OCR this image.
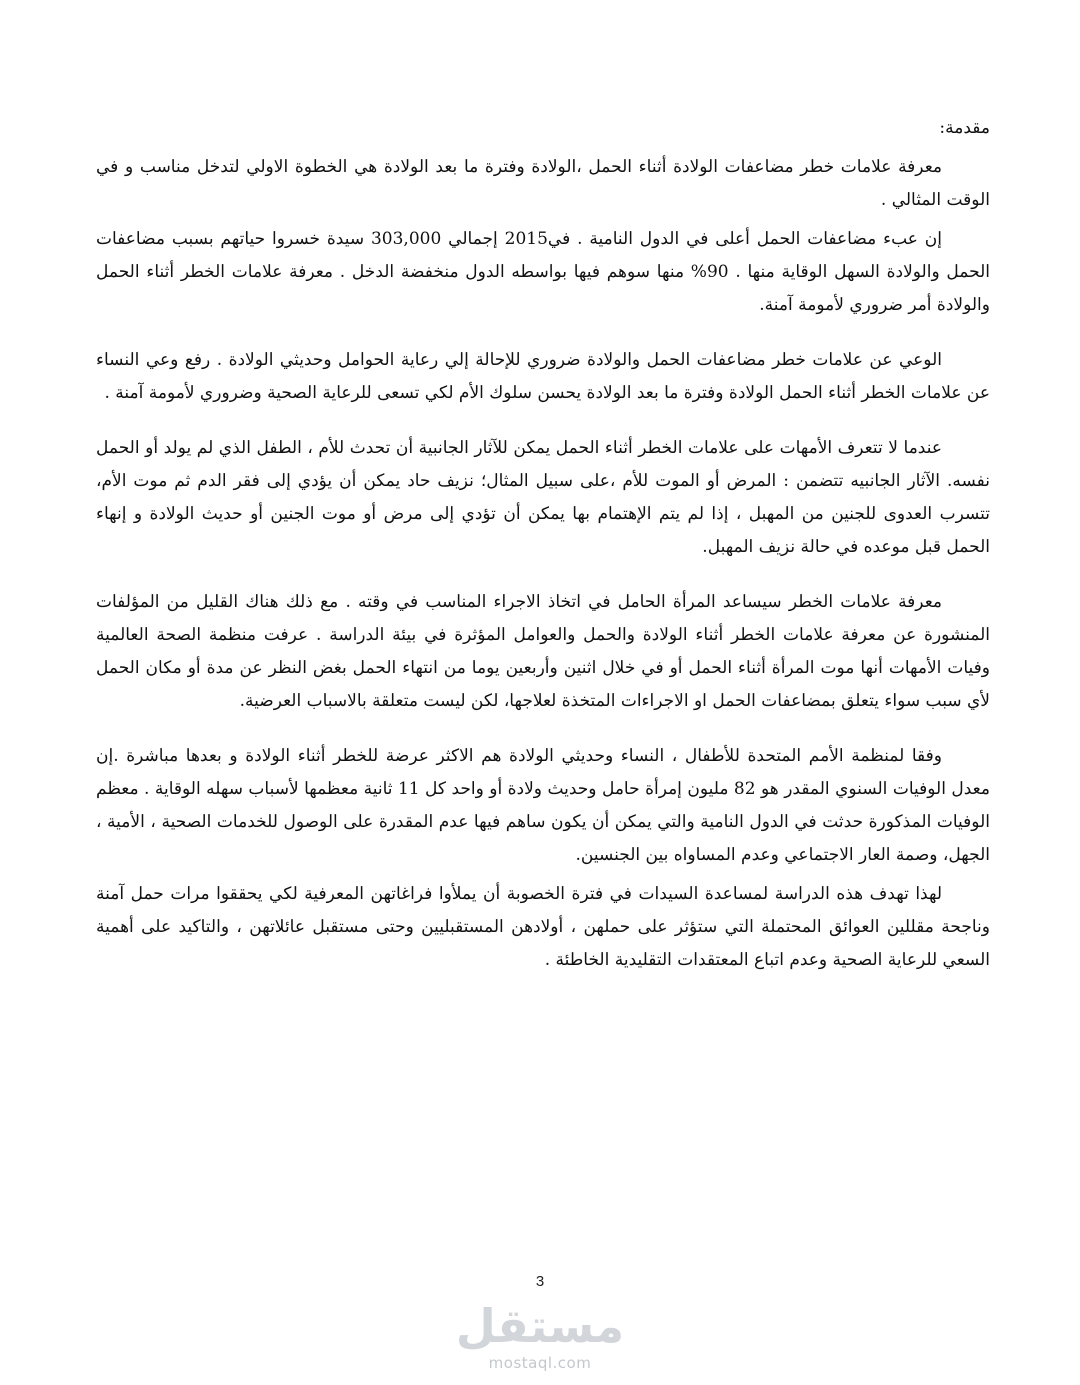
مقدمة:

معرفة علامات خطر مضاعفات الولادة أثناء الحمل ،الولادة وفترة ما بعد الولادة هي الخطوة الاولي لتدخل مناسب و في الوقت المثالي .

إن عبء مضاعفات الحمل أعلى في الدول النامية . في2015 إجمالي 303,000 سيدة خسروا حياتهم بسبب مضاعفات الحمل والولادة السهل الوقاية منها . 90% منها سوهم فيها بواسطه الدول منخفضة الدخل . معرفة علامات الخطر أثناء الحمل والولادة أمر ضروري لأمومة آمنة.

الوعي عن علامات خطر مضاعفات الحمل والولادة ضروري للإحالة إلي رعاية الحوامل وحديثي الولادة . رفع وعي النساء عن علامات الخطر أثناء الحمل الولادة وفترة ما بعد الولادة يحسن سلوك الأم لكي تسعى للرعاية الصحية وضروري لأمومة آمنة .

عندما لا تتعرف الأمهات على علامات الخطر أثناء الحمل يمكن للآثار الجانبية أن تحدث للأم ، الطفل الذي لم يولد أو الحمل نفسه. الآثار الجانبيه تتضمن : المرض أو الموت للأم ،على سبيل المثال؛ نزيف حاد يمكن أن يؤدي إلى فقر الدم ثم موت الأم، تتسرب العدوى للجنين من المهبل ، إذا لم يتم الإهتمام بها يمكن أن تؤدي إلى مرض أو موت الجنين أو حديث الولادة و إنهاء الحمل قبل موعده في حالة نزيف المهبل.

معرفة علامات الخطر سيساعد المرأة الحامل في اتخاذ الاجراء المناسب في وقته . مع ذلك هناك القليل من المؤلفات المنشورة عن معرفة علامات الخطر أثناء الولادة والحمل والعوامل المؤثرة في بيئة الدراسة . عرفت منظمة الصحة العالمية وفيات الأمهات أنها موت المرأة أثناء الحمل أو في خلال اثنين وأربعين يوما من انتهاء الحمل بغض النظر عن مدة أو مكان الحمل لأي سبب سواء يتعلق بمضاعفات الحمل او الاجراءات المتخذة لعلاجها، لكن ليست متعلقة بالاسباب العرضية.

وفقا لمنظمة الأمم المتحدة للأطفال ، النساء وحديثي الولادة هم الاكثر عرضة للخطر أثناء الولادة و بعدها مباشرة .إن معدل الوفيات السنوي المقدر هو 82 مليون إمرأة حامل وحديث ولادة أو واحد كل 11 ثانية معظمها لأسباب سهله الوقاية . معظم الوفيات المذكورة حدثت في الدول النامية والتي يمكن أن يكون ساهم فيها عدم المقدرة على الوصول للخدمات الصحية ، الأمية ، الجهل، وصمة العار الاجتماعي وعدم المساواه بين الجنسين.

لهذا تهدف هذه الدراسة لمساعدة السيدات في فترة الخصوبة أن يملأوا فراغاتهن المعرفية لكي يحققوا مرات حمل آمنة وناجحة مقللين العوائق المحتملة التي ستؤثر على حملهن ، أولادهن المستقبليين وحتى مستقبل عائلاتهن ، والتاكيد على أهمية السعي للرعاية الصحية وعدم اتباع المعتقدات التقليدية الخاطئة .

3
مستقل
mostaql.com
